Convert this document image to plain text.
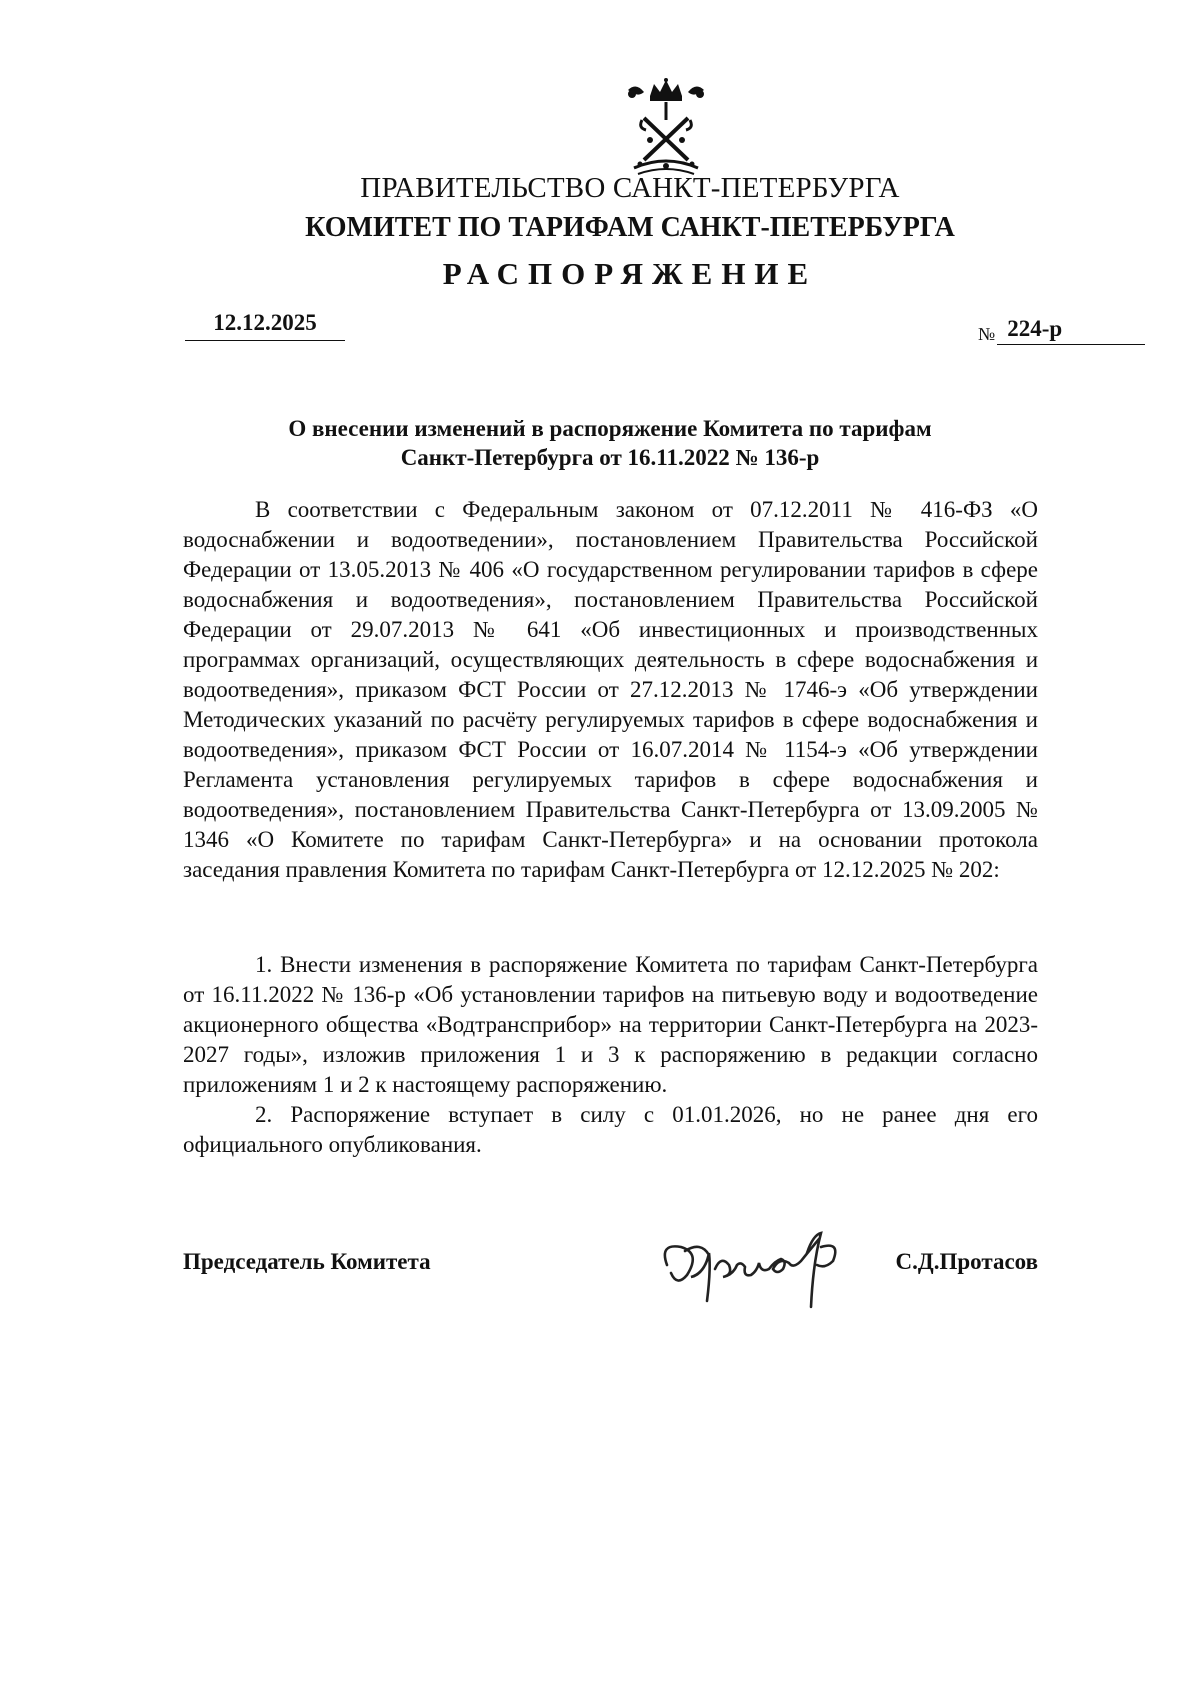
ПРАВИТЕЛЬСТВО САНКТ-ПЕТЕРБУРГА
КОМИТЕТ ПО ТАРИФАМ САНКТ-ПЕТЕРБУРГА
РАСПОРЯЖЕНИЕ
12.12.2025	№ 224-р
О внесении изменений в распоряжение Комитета по тарифам
Санкт-Петербурга от 16.11.2022 № 136-р

В соответствии с Федеральным законом от 07.12.2011 № 416-ФЗ «О водоснабжении и водоотведении», постановлением Правительства Российской Федерации от 13.05.2013 № 406 «О государственном регулировании тарифов в сфере водоснабжения и водоотведения», постановлением Правительства Российской Федерации от 29.07.2013 № 641 «Об инвестиционных и производственных программах организаций, осуществляющих деятельность в сфере водоснабжения и водоотведения», приказом ФСТ России от 27.12.2013 № 1746-э «Об утверждении Методических указаний по расчёту регулируемых тарифов в сфере водоснабжения и водоотведения», приказом ФСТ России от 16.07.2014 № 1154-э «Об утверждении Регламента установления регулируемых тарифов в сфере водоснабжения и водоотведения», постановлением Правительства Санкт-Петербурга от 13.09.2005 № 1346 «О Комитете по тарифам Санкт-Петербурга» и на основании протокола заседания правления Комитета по тарифам Санкт-Петербурга от 12.12.2025 № 202:

1. Внести изменения в распоряжение Комитета по тарифам Санкт-Петербурга от 16.11.2022 № 136-р «Об установлении тарифов на питьевую воду и водоотведение акционерного общества «Водтрансприбор» на территории Санкт-Петербурга на 2023-2027 годы», изложив приложения 1 и 3 к распоряжению в редакции согласно приложениям 1 и 2 к настоящему распоряжению.

2. Распоряжение вступает в силу с 01.01.2026, но не ранее дня его официального опубликования.

Председатель Комитета	С.Д.Протасов
